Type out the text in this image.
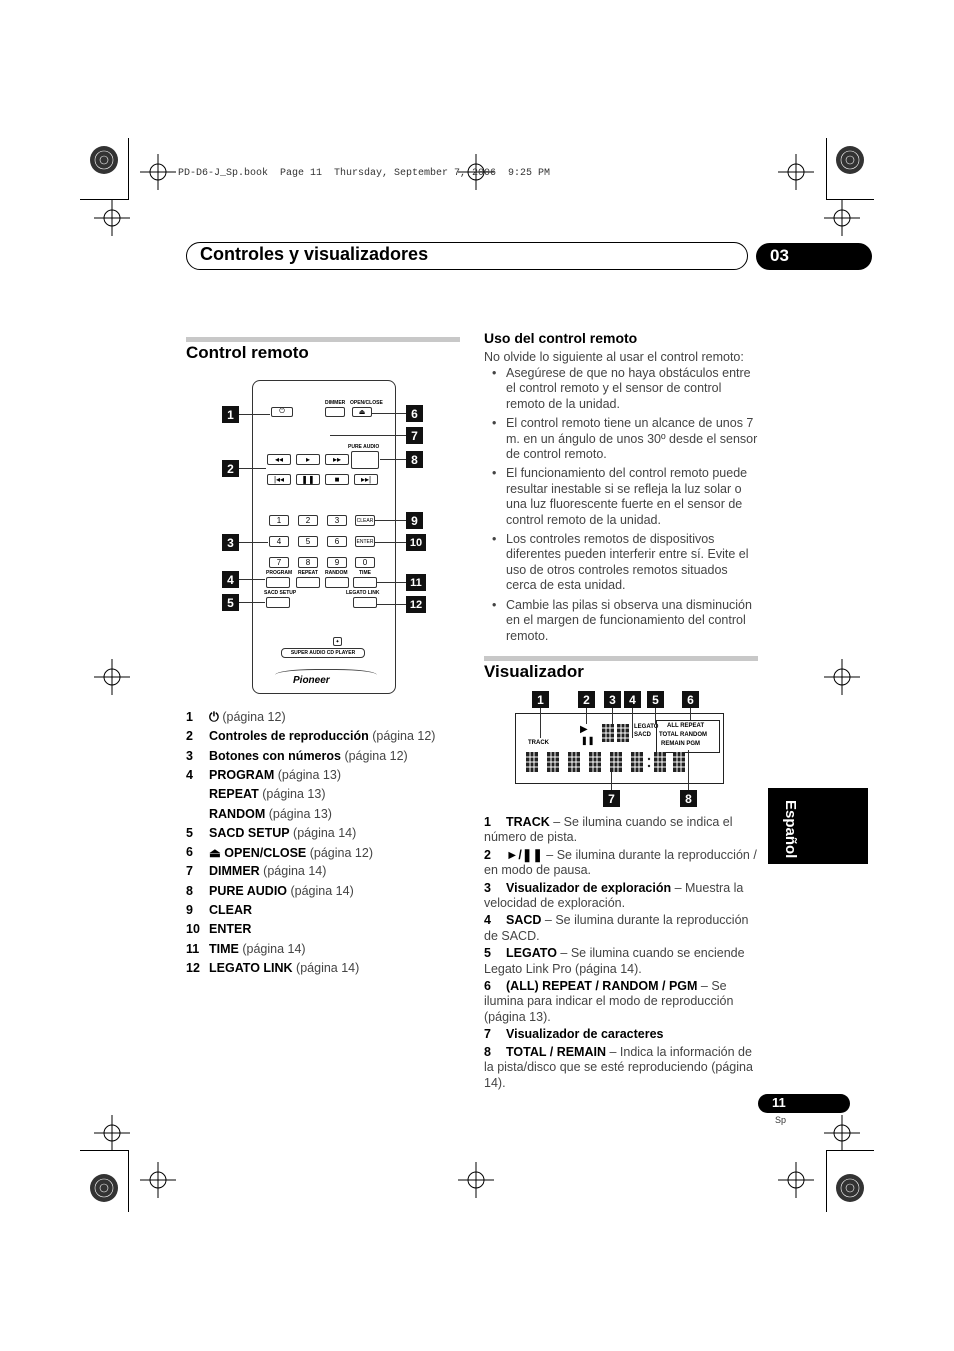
PD-D6-J_Sp.book  Page 11  Thursday, September 7, 2006  9:25 PM
Controles y visualizadores	03
Control remoto
⏻
DIMMER OPEN/CLOSE
⏏
PURE AUDIO
◂◂	▸	▸▸
|◂◂	❚❚	■	▸▸|
1	2	3	CLEAR
4	5	6	ENTER
7	8	9	0
PROGRAM REPEAT RANDOM TIME
SACD SETUP	LEGATO LINK
✦
SUPER AUDIO CD PLAYER
Pioneer
1
2
3
4
5
6
7
8
9
10
11
12
1 ⏻ (página 12)
2 Controles de reproducción (página 12)
3 Botones con números (página 12)
4 PROGRAM (página 13)
REPEAT (página 13)
RANDOM (página 13)
5 SACD SETUP (página 14)
6 ⏏ OPEN/CLOSE (página 12)
7 DIMMER (página 14)
8 PURE AUDIO (página 14)
9 CLEAR
10 ENTER
11 TIME (página 14)
12 LEGATO LINK (página 14)
Uso del control remoto
No olvide lo siguiente al usar el control remoto:
• Asegúrese de que no haya obstáculos entre el control remoto y el sensor de control remoto de la unidad.
• El control remoto tiene un alcance de unos 7 m. en un ángulo de unos 30º desde el sensor de control remoto.
• El funcionamiento del control remoto puede resultar inestable si se refleja la luz solar o una luz fluorescente fuerte en el sensor de control remoto de la unidad.
• Los controles remotos de dispositivos diferentes pueden interferir entre sí. Evite el uso de otros controles remotos situados cerca de esta unidad.
• Cambie las pilas si observa una disminución en el margen de funcionamiento del control remoto.
Visualizador
TRACK
▶
❚❚
LEGATO
SACD
ALL REPEAT
TOTAL RANDOM
REMAIN PGM
1	2	3	4	5	6
7	8

1 TRACK – Se ilumina cuando se indica el número de pista.

2 ►/❚❚ – Se ilumina durante la reproducción / en modo de pausa.

3 Visualizador de exploración – Muestra la velocidad de exploración.

4 SACD – Se ilumina durante la reproducción de SACD.

5 LEGATO – Se ilumina cuando se enciende Legato Link Pro (página 14).

6 (ALL) REPEAT / RANDOM / PGM – Se ilumina para indicar el modo de reproducción (página 13).

7 Visualizador de caracteres

8 TOTAL / REMAIN – Indica la información de la pista/disco que se esté reproduciendo (página 14).

Español
11
Sp
